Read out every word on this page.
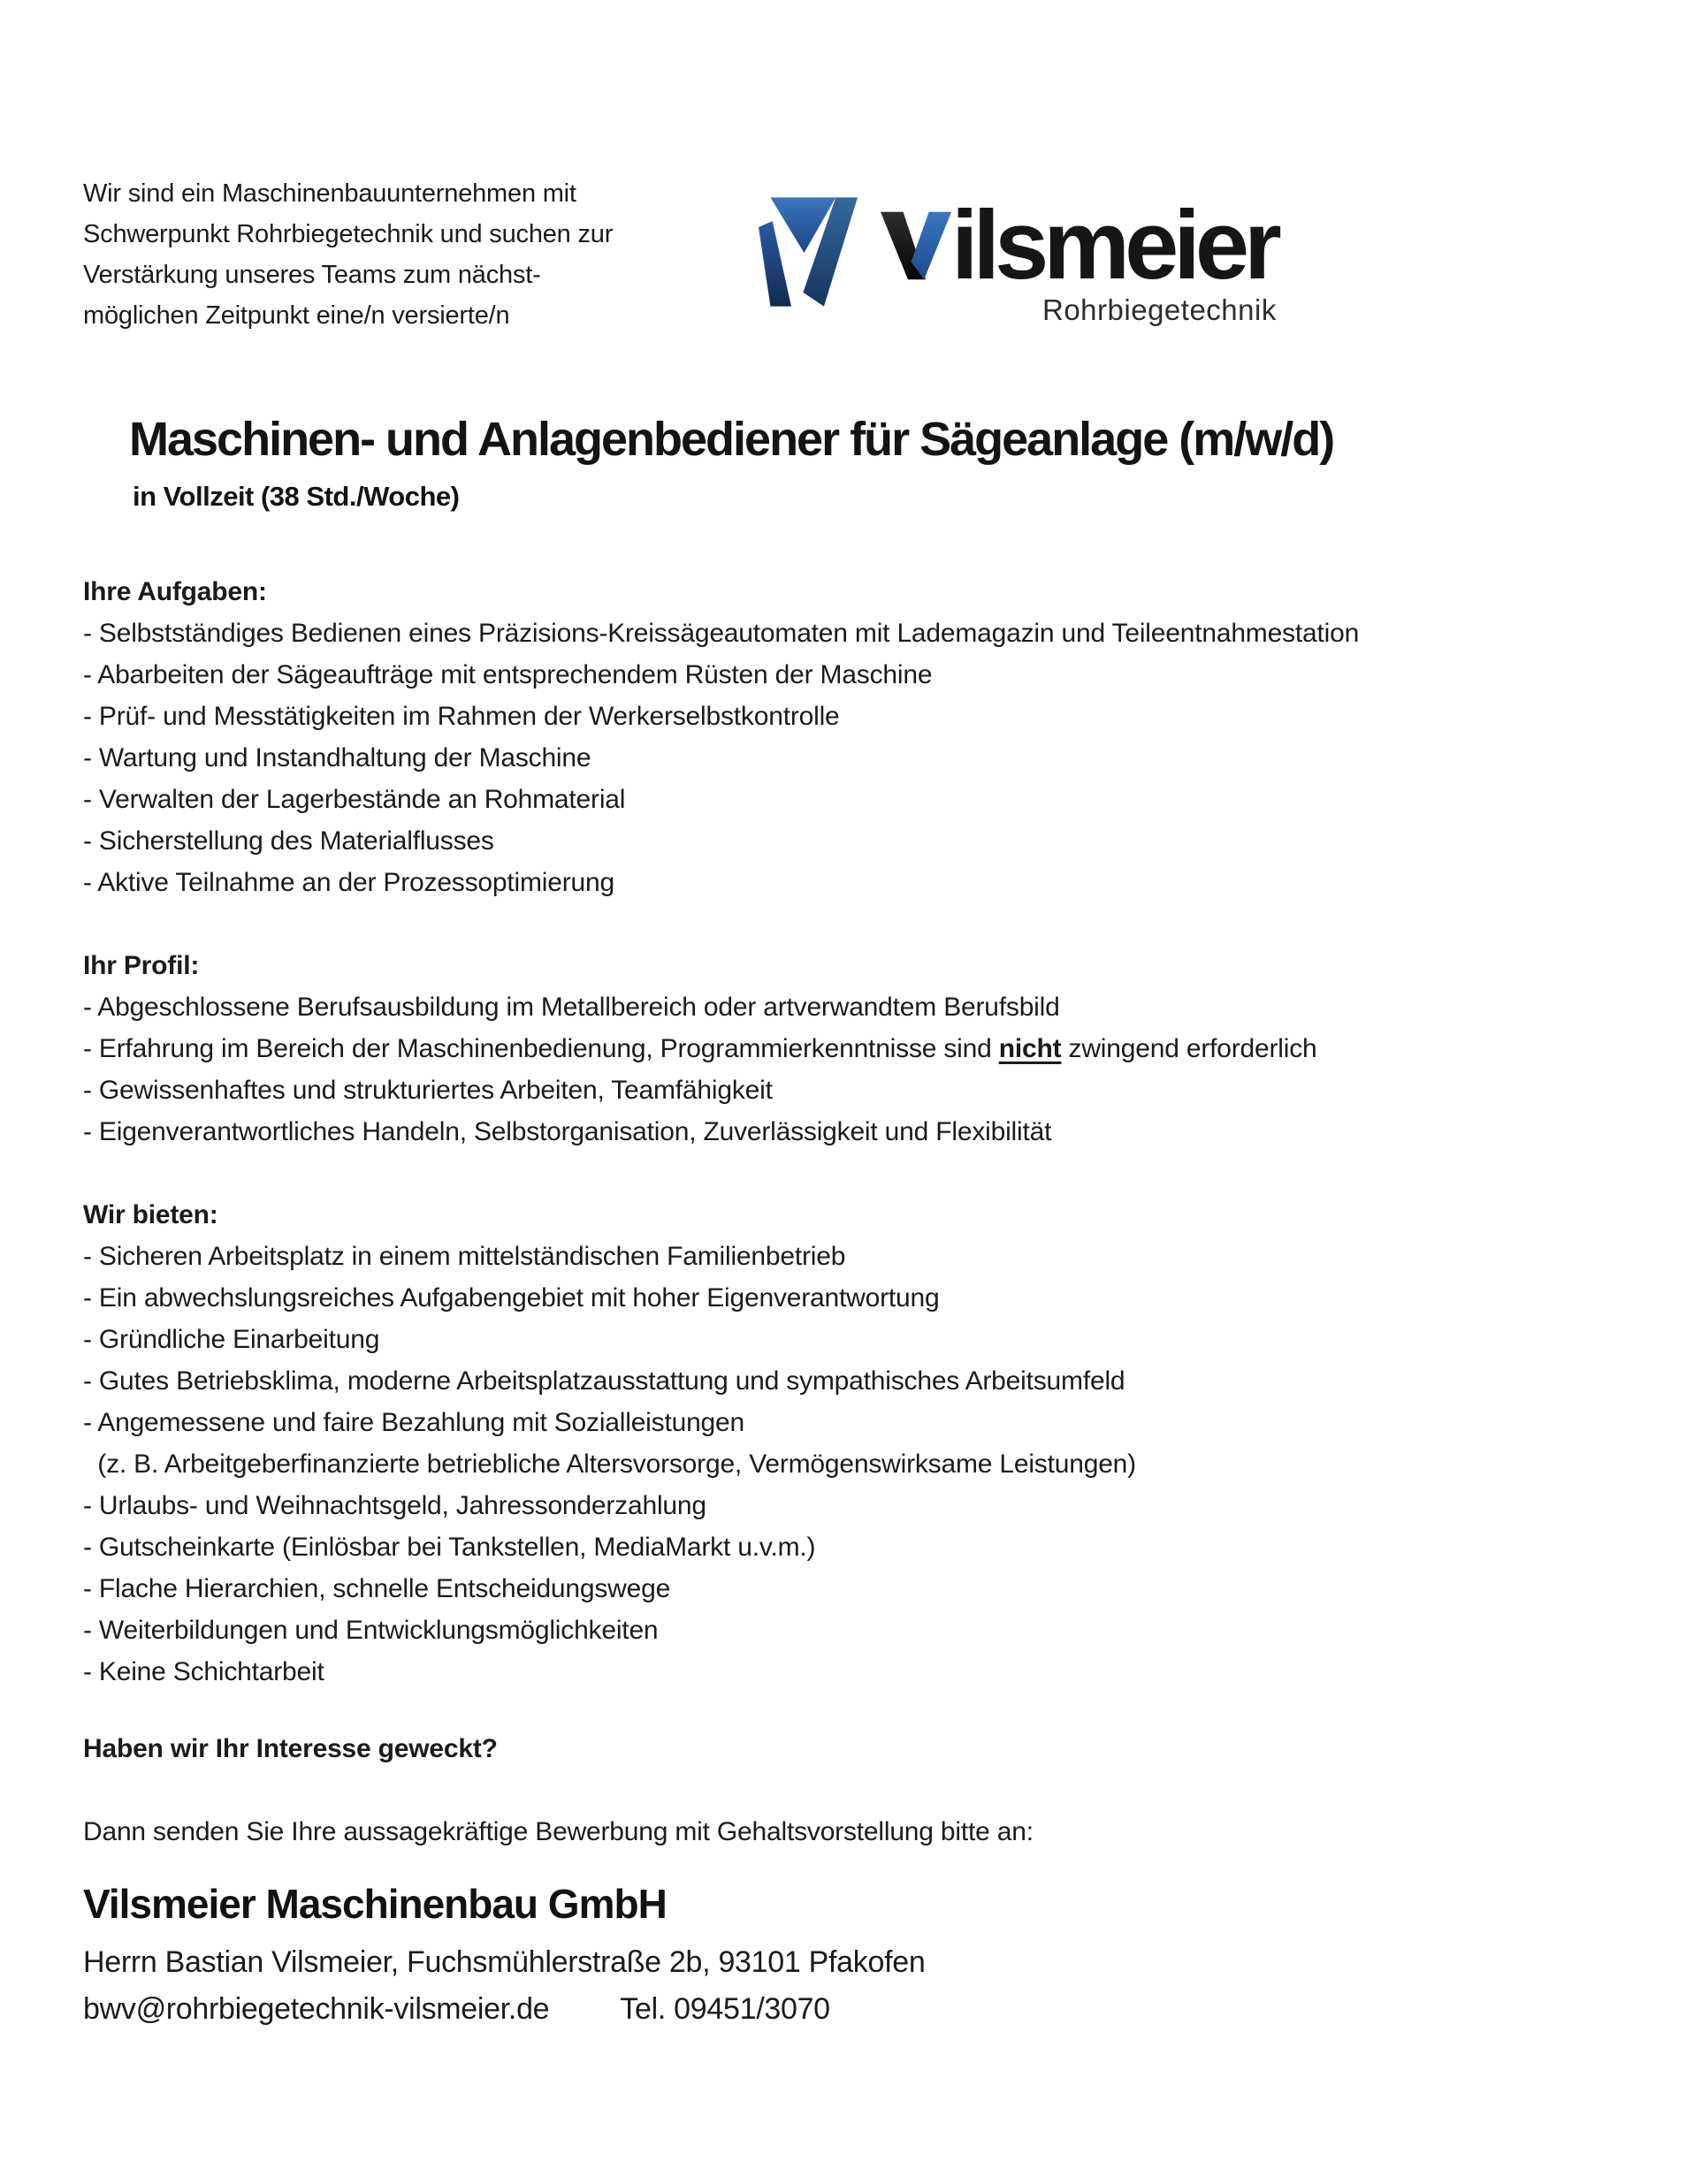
Wir sind ein Maschinenbauunternehmen mit
Schwerpunkt Rohrbiegetechnik und suchen zur
Verstärkung unseres Teams zum nächst-
möglichen Zeitpunkt eine/n versierte/n
ilsmeier
Rohrbiegetechnik
Maschinen- und Anlagenbediener für Sägeanlage (m/w/d)
in Vollzeit (38 Std./Woche)
Ihre Aufgaben:
- Selbstständiges Bedienen eines Präzisions-Kreissägeautomaten mit Lademagazin und Teileentnahmestation
- Abarbeiten der Sägeaufträge mit entsprechendem Rüsten der Maschine
- Prüf- und Messtätigkeiten im Rahmen der Werkerselbstkontrolle
- Wartung und Instandhaltung der Maschine
- Verwalten der Lagerbestände an Rohmaterial
- Sicherstellung des Materialflusses
- Aktive Teilnahme an der Prozessoptimierung
Ihr Profil:
- Abgeschlossene Berufsausbildung im Metallbereich oder artverwandtem Berufsbild
- Erfahrung im Bereich der Maschinenbedienung, Programmierkenntnisse sind nicht zwingend erforderlich
- Gewissenhaftes und strukturiertes Arbeiten, Teamfähigkeit
- Eigenverantwortliches Handeln, Selbstorganisation, Zuverlässigkeit und Flexibilität
Wir bieten:
- Sicheren Arbeitsplatz in einem mittelständischen Familienbetrieb
- Ein abwechslungsreiches Aufgabengebiet mit hoher Eigenverantwortung
- Gründliche Einarbeitung
- Gutes Betriebsklima, moderne Arbeitsplatzausstattung und sympathisches Arbeitsumfeld
- Angemessene und faire Bezahlung mit Sozialleistungen
(z. B. Arbeitgeberfinanzierte betriebliche Altersvorsorge, Vermögenswirksame Leistungen)
- Urlaubs- und Weihnachtsgeld, Jahressonderzahlung
- Gutscheinkarte (Einlösbar bei Tankstellen, MediaMarkt u.v.m.)
- Flache Hierarchien, schnelle Entscheidungswege
- Weiterbildungen und Entwicklungsmöglichkeiten
- Keine Schichtarbeit
Haben wir Ihr Interesse geweckt?
Dann senden Sie Ihre aussagekräftige Bewerbung mit Gehaltsvorstellung bitte an:
Vilsmeier Maschinenbau GmbH
Herrn Bastian Vilsmeier, Fuchsmühlerstraße 2b, 93101 Pfakofen
bwv@rohrbiegetechnik-vilsmeier.de Tel. 09451/3070
